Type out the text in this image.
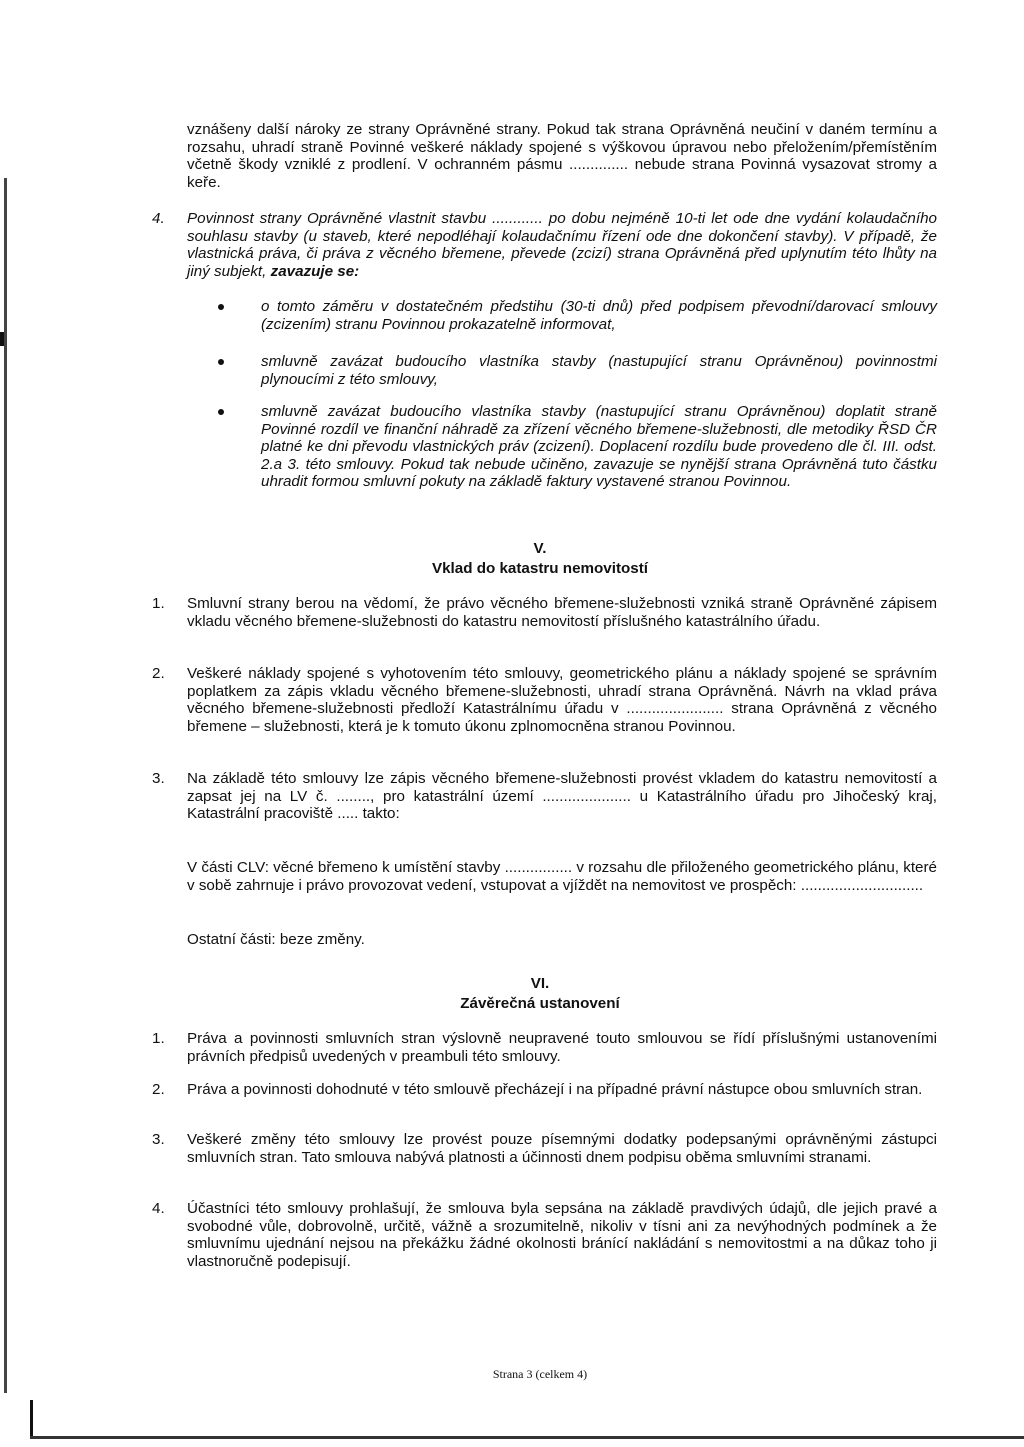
vznášeny další nároky ze strany Oprávněné strany. Pokud tak strana Oprávněná neučiní v daném termínu a rozsahu, uhradí straně Povinné veškeré náklady spojené s výškovou úpravou nebo přeložením/přemístěním včetně škody vzniklé z prodlení. V ochranném pásmu .............. nebude strana Povinná vysazovat stromy a keře.
4. Povinnost strany Oprávněné vlastnit stavbu ............ po dobu nejméně 10-ti let ode dne vydání kolaudačního souhlasu stavby (u staveb, které nepodléhají kolaudačnímu řízení ode dne dokončení stavby). V případě, že vlastnická práva, či práva z věcného břemene, převede (zcizí) strana Oprávněná před uplynutím této lhůty na jiný subjekt, zavazuje se:
o tomto záměru v dostatečném předstihu (30-ti dnů) před podpisem převodní/darovací smlouvy (zcizením) stranu Povinnou prokazatelně informovat,
smluvně zavázat budoucího vlastníka stavby (nastupující stranu Oprávněnou) povinnostmi plynoucími z této smlouvy,
smluvně zavázat budoucího vlastníka stavby (nastupující stranu Oprávněnou) doplatit straně Povinné rozdíl ve finanční náhradě za zřízení věcného břemene-služebnosti, dle metodiky ŘSD ČR platné ke dni převodu vlastnických práv (zcizení). Doplacení rozdílu bude provedeno dle čl. III. odst. 2.a 3. této smlouvy. Pokud tak nebude učiněno, zavazuje se nynější strana Oprávněná tuto částku uhradit formou smluvní pokuty na základě faktury vystavené stranou Povinnou.
V.
Vklad do katastru nemovitostí
1. Smluvní strany berou na vědomí, že právo věcného břemene-služebnosti vzniká straně Oprávněné zápisem vkladu věcného břemene-služebnosti do katastru nemovitostí příslušného katastrálního úřadu.
2. Veškeré náklady spojené s vyhotovením této smlouvy, geometrického plánu a náklady spojené se správním poplatkem za zápis vkladu věcného břemene-služebnosti, uhradí strana Oprávněná. Návrh na vklad práva věcného břemene-služebnosti předloží Katastrálnímu úřadu v ....................... strana Oprávněná z věcného břemene – služebnosti, která je k tomuto úkonu zplnomocněna stranou Povinnou.
3. Na základě této smlouvy lze zápis věcného břemene-služebnosti provést vkladem do katastru nemovitostí a zapsat jej na LV č. ........, pro katastrální území ..................... u Katastrálního úřadu pro Jihočeský kraj, Katastrální pracoviště ..... takto:
V části CLV: věcné břemeno k umístění stavby ................ v rozsahu dle přiloženého geometrického plánu, které v sobě zahrnuje i právo provozovat vedení, vstupovat a vjíždět na nemovitost ve prospěch: .............................
Ostatní části: beze změny.
VI.
Závěrečná ustanovení
1. Práva a povinnosti smluvních stran výslovně neupravené touto smlouvou se řídí příslušnými ustanoveními právních předpisů uvedených v preambuli této smlouvy.
2. Práva a povinnosti dohodnuté v této smlouvě přecházejí i na případné právní nástupce obou smluvních stran.
3. Veškeré změny této smlouvy lze provést pouze písemnými dodatky podepsanými oprávněnými zástupci smluvních stran. Tato smlouva nabývá platnosti a účinnosti dnem podpisu oběma smluvními stranami.
4. Účastníci této smlouvy prohlašují, že smlouva byla sepsána na základě pravdivých údajů, dle jejich pravé a svobodné vůle, dobrovolně, určitě, vážně a srozumitelně, nikoliv v tísni ani za nevýhodných podmínek a že smluvnímu ujednání nejsou na překážku žádné okolnosti bránící nakládání s nemovitostmi a na důkaz toho ji vlastnoručně podepisují.
Strana 3 (celkem 4)
